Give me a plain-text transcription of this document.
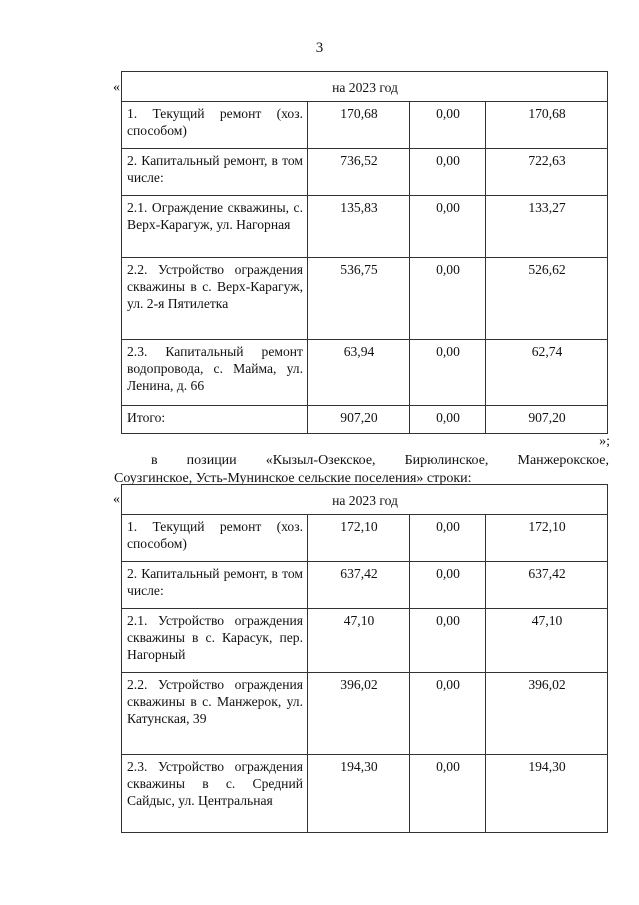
3
«	на 2023 год			
1. Текущий ремонт (хоз. способом)	170,68	0,00	170,68
2. Капитальный ремонт, в том числе:	736,52	0,00	722,63
2.1. Ограждение скважины, с. Верх-Карагуж, ул. Нагорная	135,83	0,00	133,27
2.2. Устройство ограждения скважины в с. Верх-Карагуж, ул. 2-я Пятилетка	536,75	0,00	526,62
2.3. Капитальный ремонт водопровода, с. Майма, ул. Ленина, д. 66	63,94	0,00	62,74
Итого:	907,20	0,00	907,20
»;
в позиции «Кызыл-Озекское, Бирюлинское, Манжерокское,
Соузгинское, Усть-Мунинское сельские поселения» строки:
«	на 2023 год			
1. Текущий ремонт (хоз. способом)	172,10	0,00	172,10
2. Капитальный ремонт, в том числе:	637,42	0,00	637,42
2.1. Устройство ограждения скважины в с. Карасук, пер. Нагорный	47,10	0,00	47,10
2.2. Устройство ограждения скважины в с. Манжерок, ул. Катунская, 39	396,02	0,00	396,02
2.3. Устройство ограждения скважины в с. Средний Сайдыс, ул. Центральная	194,30	0,00	194,30
